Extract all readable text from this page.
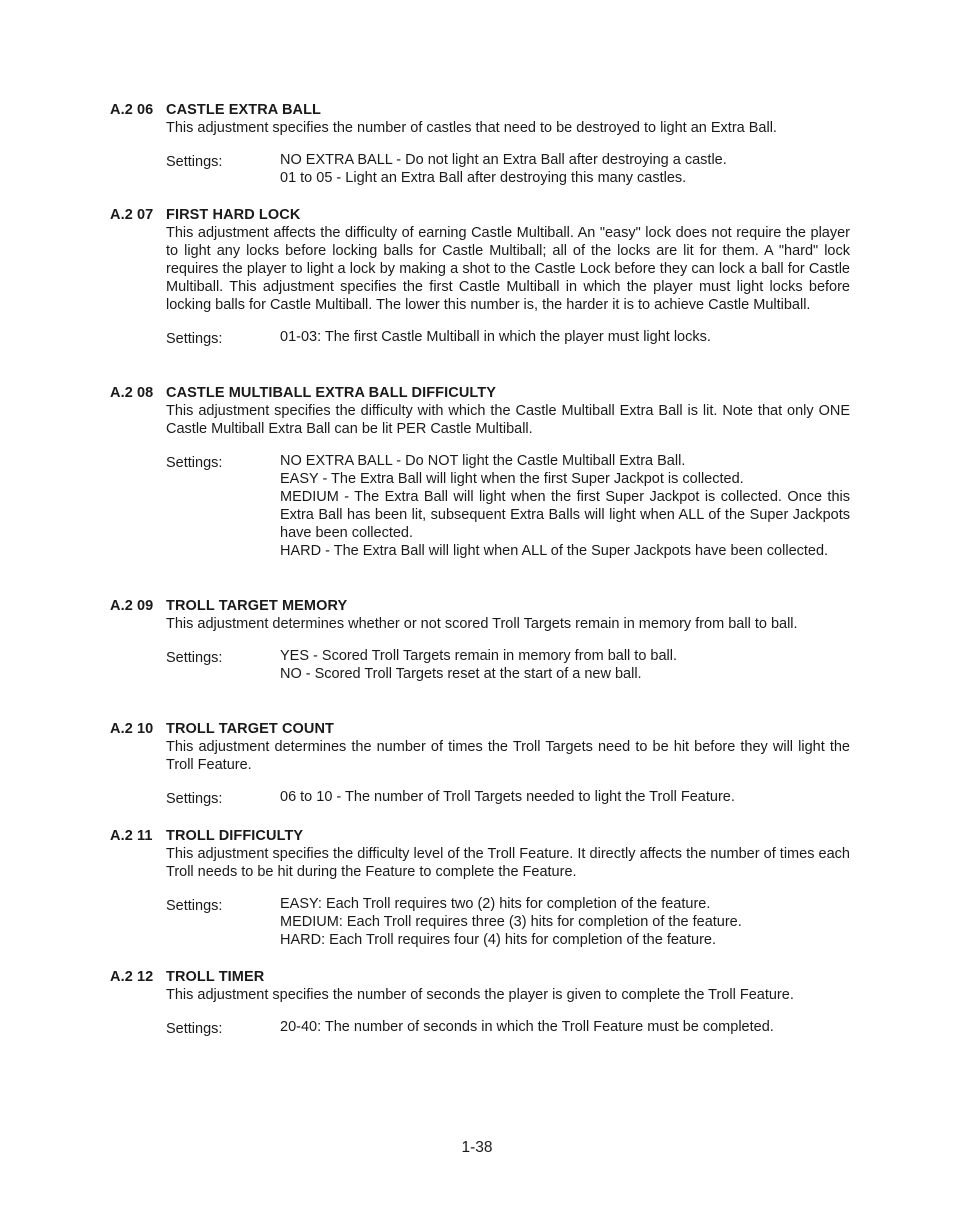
A.2 06 CASTLE EXTRA BALL
This adjustment specifies the number of castles that need to be destroyed to light an Extra Ball.
Settings:	NO EXTRA BALL - Do not light an Extra Ball after destroying a castle.
01 to 05 - Light an Extra Ball after destroying this many castles.
A.2 07 FIRST HARD LOCK
This adjustment affects the difficulty of earning Castle Multiball. An "easy" lock does not require the player to light any locks before locking balls for Castle Multiball; all of the locks are lit for them. A "hard" lock requires the player to light a lock by making a shot to the Castle Lock before they can lock a ball for Castle Multiball. This adjustment specifies the first Castle Multiball in which the player must light locks before locking balls for Castle Multiball. The lower this number is, the harder it is to achieve Castle Multiball.
Settings:	01-03: The first Castle Multiball in which the player must light locks.
A.2 08 CASTLE MULTIBALL EXTRA BALL DIFFICULTY
This adjustment specifies the difficulty with which the Castle Multiball Extra Ball is lit. Note that only ONE Castle Multiball Extra Ball can be lit PER Castle Multiball.
Settings:	NO EXTRA BALL - Do NOT light the Castle Multiball Extra Ball.
EASY - The Extra Ball will light when the first Super Jackpot is collected.
MEDIUM - The Extra Ball will light when the first Super Jackpot is collected. Once this Extra Ball has been lit, subsequent Extra Balls will light when ALL of the Super Jackpots have been collected.
HARD - The Extra Ball will light when ALL of the Super Jackpots have been collected.
A.2 09 TROLL TARGET MEMORY
This adjustment determines whether or not scored Troll Targets remain in memory from ball to ball.
Settings:	YES - Scored Troll Targets remain in memory from ball to ball.
NO - Scored Troll Targets reset at the start of a new ball.
A.2 10 TROLL TARGET COUNT
This adjustment determines the number of times the Troll Targets need to be hit before they will light the Troll Feature.
Settings:	06 to 10 - The number of Troll Targets needed to light the Troll Feature.
A.2 11 TROLL DIFFICULTY
This adjustment specifies the difficulty level of the Troll Feature. It directly affects the number of times each Troll needs to be hit during the Feature to complete the Feature.
Settings:	EASY: Each Troll requires two (2) hits for completion of the feature.
MEDIUM: Each Troll requires three (3) hits for completion of the feature.
HARD: Each Troll requires four (4) hits for completion of the feature.
A.2 12 TROLL TIMER
This adjustment specifies the number of seconds the player is given to complete the Troll Feature.
Settings:	20-40: The number of seconds in which the Troll Feature must be completed.
1-38
